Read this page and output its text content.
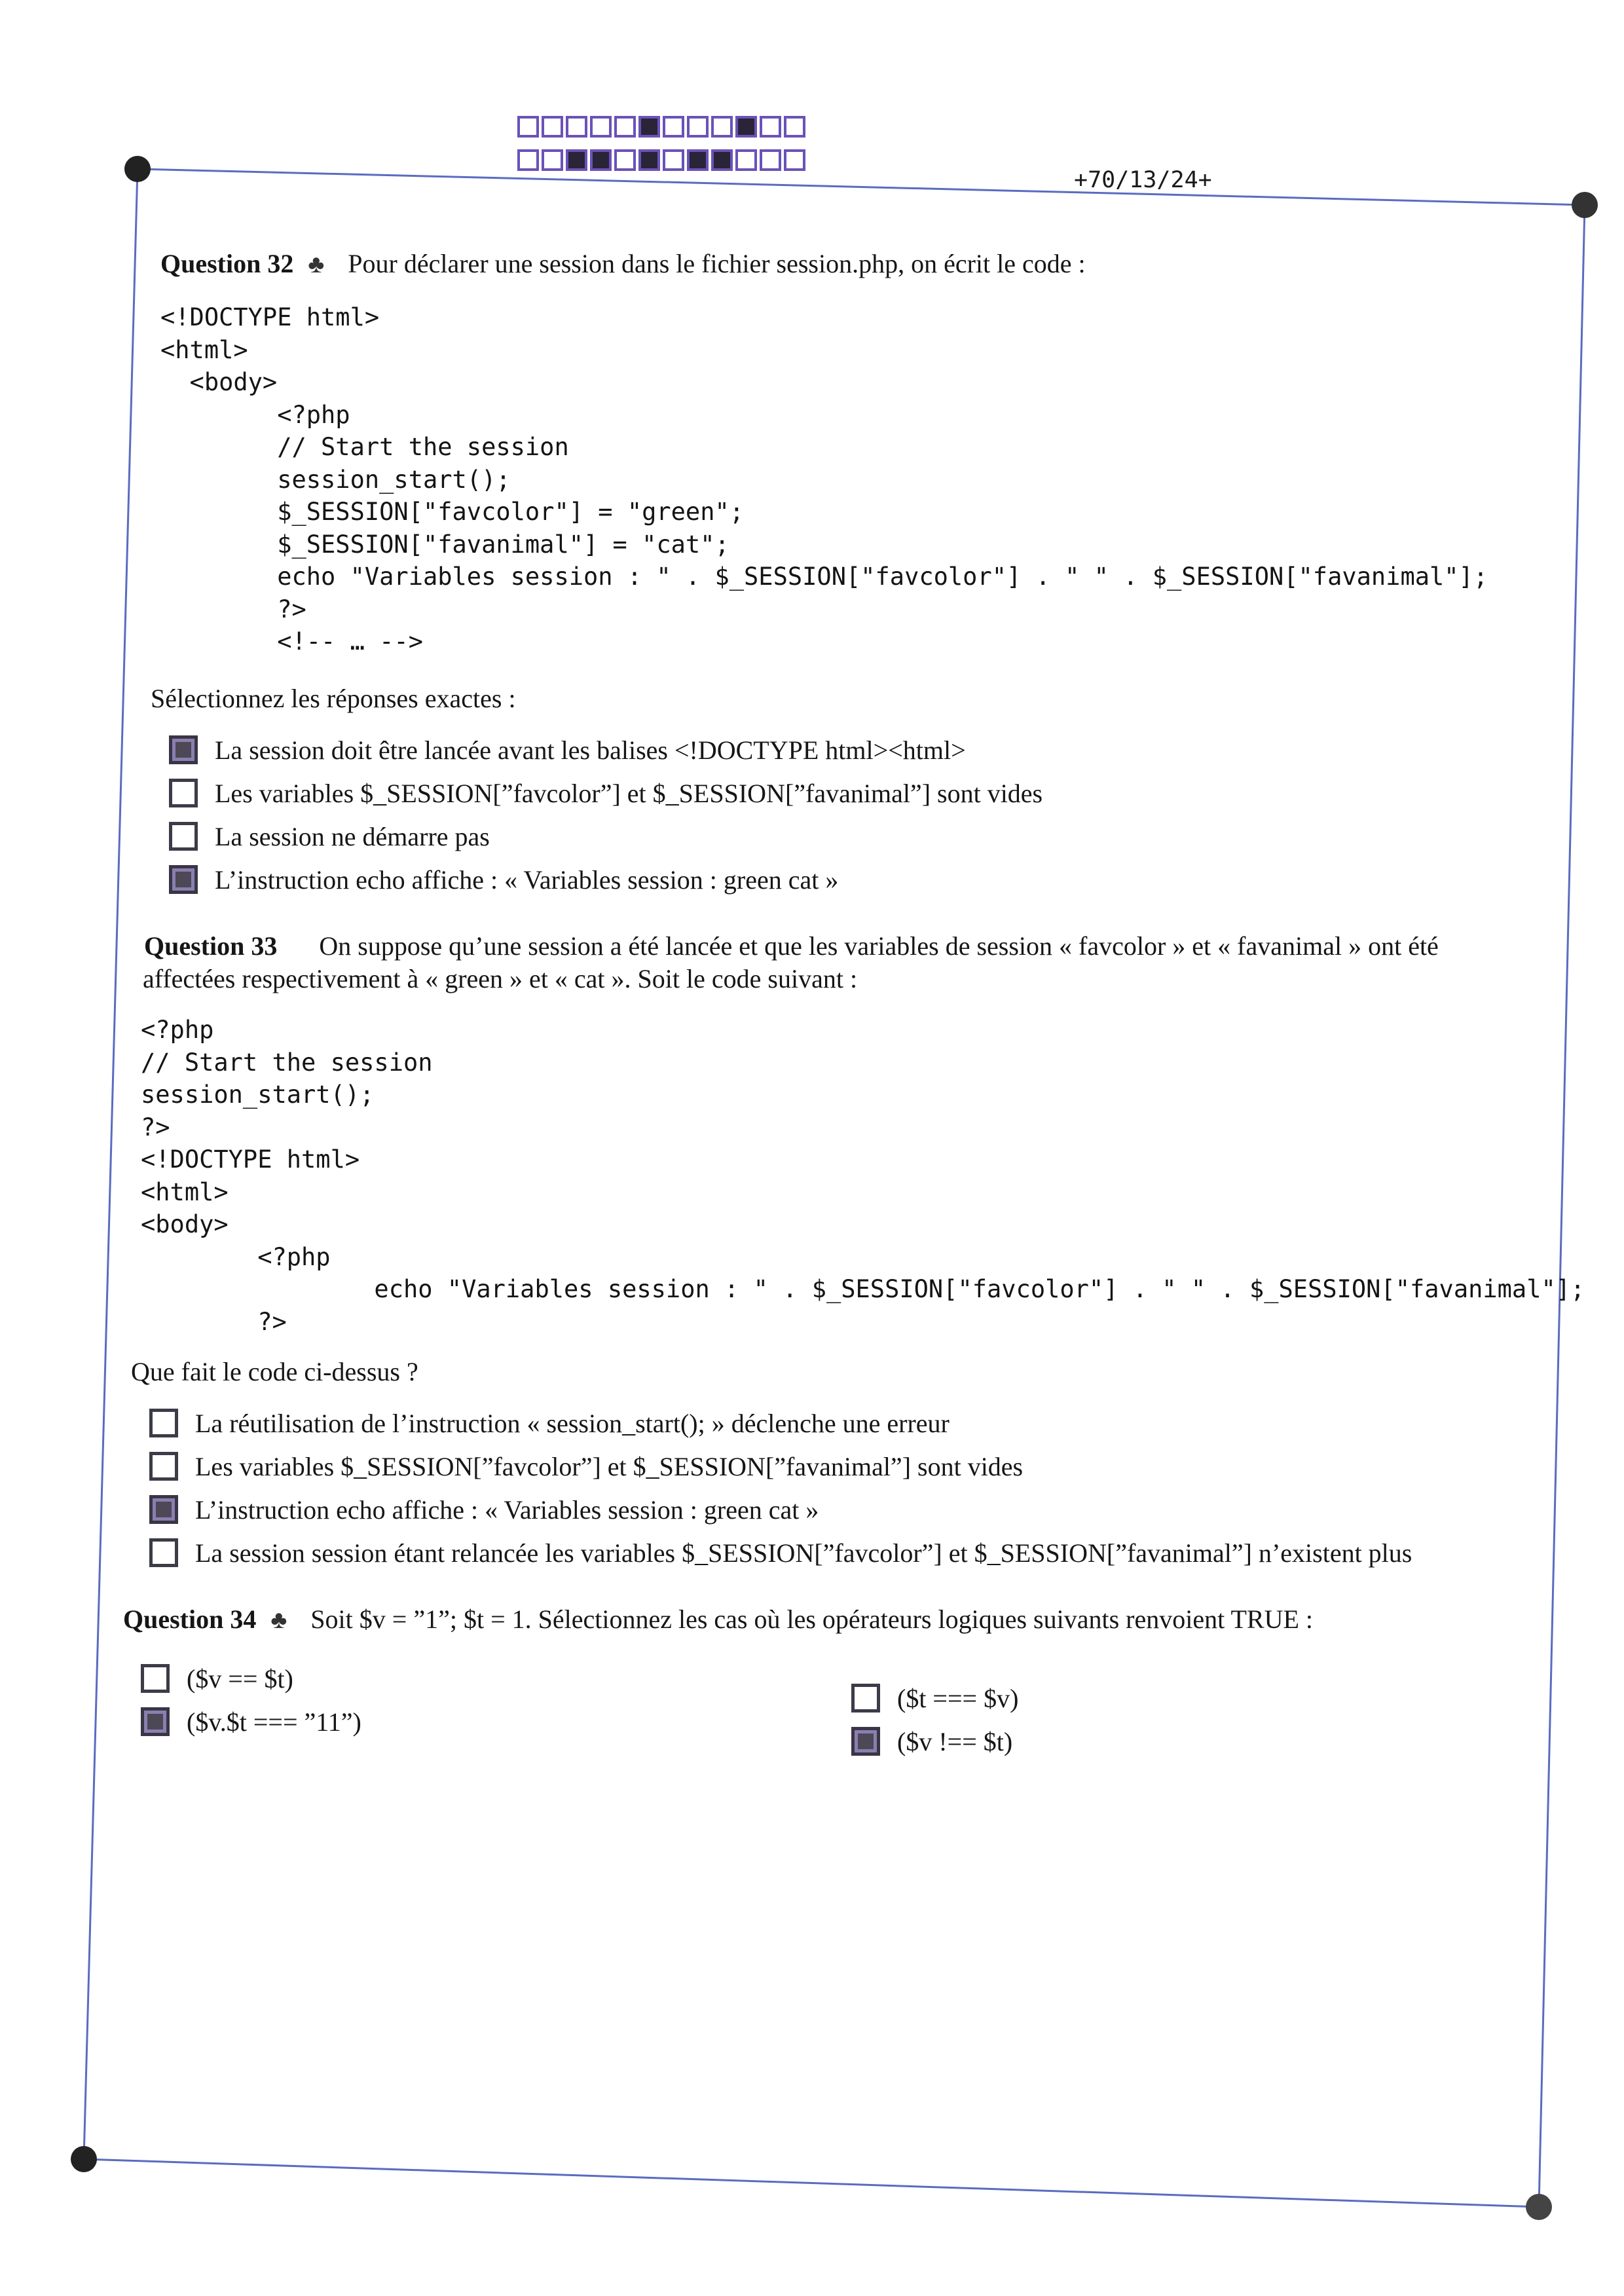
+70/13/24+
Question 32 ♣ Pour déclarer une session dans le fichier session.php, on écrit le code :
<!DOCTYPE html>
<html>
<body>
<?php
// Start the session
session_start();
$_SESSION["favcolor"] = "green";
$_SESSION["favanimal"] = "cat";
echo "Variables session : " . $_SESSION["favcolor"] . " " . $_SESSION["favanimal"];
?>
<!-- … -->
Sélectionnez les réponses exactes :
La session doit être lancée avant les balises <!DOCTYPE html><html>
Les variables $_SESSION[”favcolor”] et $_SESSION[”favanimal”] sont vides
La session ne démarre pas
L’instruction echo affiche : « Variables session : green cat »
Question 33 On suppose qu’une session a été lancée et que les variables de session « favcolor » et « favanimal » ont été
affectées respectivement à « green » et « cat ». Soit le code suivant :
<?php
// Start the session
session_start();
?>
<!DOCTYPE html>
<html>
<body>
<?php
echo "Variables session : " . $_SESSION["favcolor"] . " " . $_SESSION["favanimal"];
?>
Que fait le code ci-dessus ?
La réutilisation de l’instruction « session_start(); » déclenche une erreur
Les variables $_SESSION[”favcolor”] et $_SESSION[”favanimal”] sont vides
L’instruction echo affiche : « Variables session : green cat »
La session session étant relancée les variables $_SESSION[”favcolor”] et $_SESSION[”favanimal”] n’existent plus
Question 34 ♣ Soit $v = ”1”; $t = 1. Sélectionnez les cas où les opérateurs logiques suivants renvoient TRUE :
($v == $t)
($v.$t === ”11”)
($t === $v)
($v !== $t)
